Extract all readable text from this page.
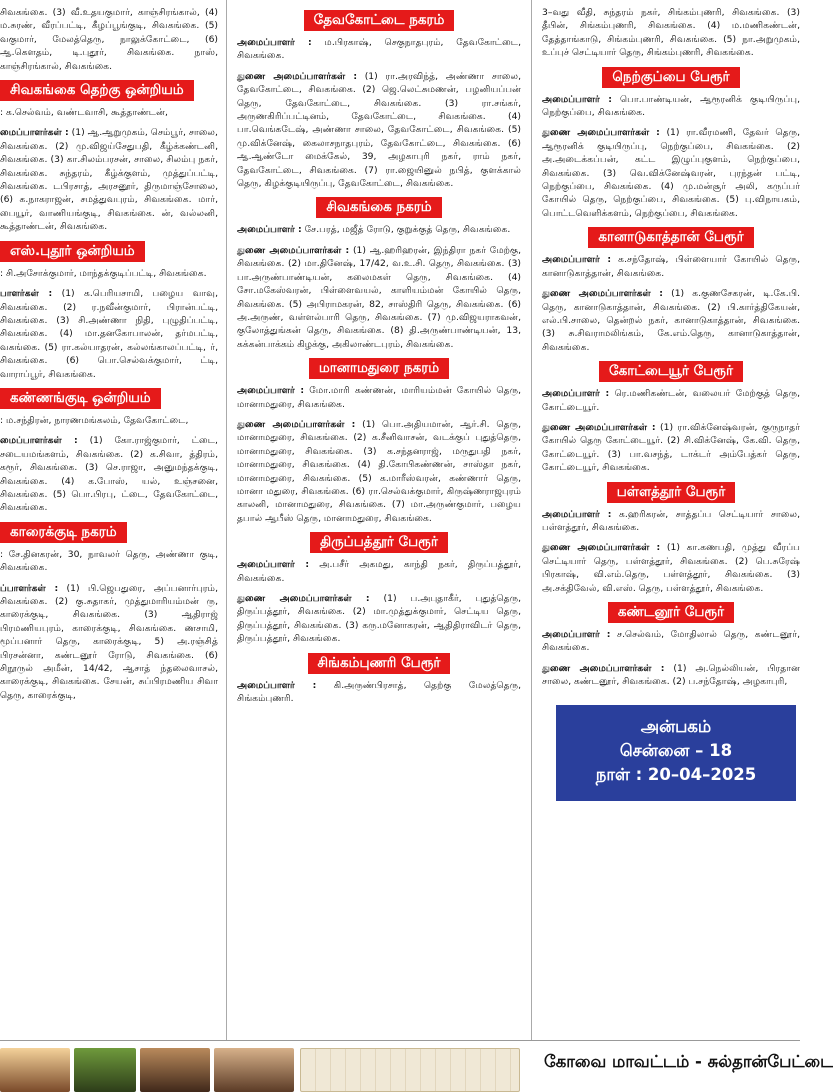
சிவகங்கை. (3) வீ.உதயகுமார், காஞ்சிரங்கால், (4) ம.சுரண், வீரப்பட்டி, கீழப்பூங்குடி, சிவகங்கை. (5) வகுமார், மேலத்தெரு, நாலுக்கோட்டை, (6) ஆ.கௌதம், டி.புதூர், சிவகங்கை. நாஸ், காஞ்சிரங்கால், சிவகங்கை.
சிவகங்கை தெற்கு ஒன்றியம்
: க.செல்வம், வண்டவாசி, கூத்தாண்டன்,
மைப்பாளர்கள் : (1) ஆ.ஆறுமுகம், செம்பூர், சாலை, சிவகங்கை. (2) மு.விஜய்சேதுபதி, கீழ்க்கண்டனி, சிவகங்கை. (3) கா.சிலம்பரசன், சாலை, சிலம்பு நகர், சிவகங்கை. சுந்தரம், கீழ்க்குளம், முத்துப்பட்டி, சிவகங்கை. டபிரசாத், அரசனூர், திருமாஞ்சோலை, (6) க.நாகராஜன், சமத்துவபுரம், சிவகங்கை. மார், பையூர், வாணியங்குடி, சிவகங்கை. ன், வல்லனி, கூத்தாண்டன், சிவகங்கை.
எஸ்.புதூர் ஒன்றியம்
: சி.அசோக்குமார், மாந்தக்குடிப்பட்டி, சிவகங்கை.
பாளர்கள் : (1) க.பெரியசாமி, பழைய வாவு, சிவகங்கை. (2) ர.நவீன்குமார், பிரான்பட்டி, சிவகங்கை. (3) சி.அண்ணா நிதி, புழுதிப்பட்டி, சிவகங்கை. (4) மா.தனகோபாலன், தர்மபட்டி, வகங்கை. (5) ரா.கல்யாதரன், கல்லங்காலப்பட்டி, ர், சிவகங்கை. (6) பொ.செல்வக்குமார், ட்டி, வாராப்பூர், சிவகங்கை.
கண்ணங்குடி ஒன்றியம்
: ம.சந்திரன், நாரணமங்கலம், தேவகோட்டை,
மைப்பாளர்கள் : (1) கோ.ராஜ்குமார், ட்டை, சடையமங்களம், சிவகங்கை. (2) க.சிவா, த்திரம், கரூர், சிவகங்கை. (3) செ.ராஜா, அனுமந்தக்குடி, சிவகங்கை. (4) க.போஸ், யல், உஞ்சனை, சிவகங்கை. (5) பொ.பிரபு, ட்டை, தேவகோட்டை, சிவகங்கை.
காரைக்குடி நகரம்
: சே.தினகரன், 30, நாவலர் தெரு, அண்ணா குடி, சிவகங்கை.
ப்பாளர்கள் : (1) பி.ஜெபதுரை, அப்பனார்புரம், சிவகங்கை. (2) கு.சுதாகர், முத்துமாரியம்மன் ரு, காரைக்குடி, சிவகங்கை. (3) ஆதிராஜ் பிரமணியபுரம், காரைக்குடி, சிவகங்கை. ணசாமி, மூப்பனார் தெரு, காரைக்குடி, 5) அ.ரஞ்சித் பிரசன்னா, கண்டனூர் ரோடு, சிவகங்கை. (6) சிநூருல் அமீன், 14/42, ஆசாத் ந்தலைவாசல், காரைக்குடி, சிவகங்கை. சேயன், சுப்பிரமணிய சிவா தெரு, காரைக்குடி,
தேவகோட்டை நகரம்
அமைப்பாளர் : ம.பிரகாஷ், செகுநாதபுரம், தேவகோட்டை, சிவகங்கை.
துணை அமைப்பாளர்கள் : (1) ரா.அரவிந்த், அண்ணா சாலை, தேவகோட்டை, சிவகங்கை. (2) ஜெ.லெட்சுமணன், பழனியப்பன் தெரு, தேவகோட்டை, சிவகங்கை. (3) ரா.சங்கர், அருணகிரிப்பட்டினம், தேவகோட்டை, சிவகங்கை. (4) பா.வெங்கடேஷ், அண்ணா சாலை, தேவகோட்டை, சிவகங்கை. (5) மு.விக்னேஷ், கைலாசநாதபுரம், தேவகோட்டை, சிவகங்கை. (6) ஆ.ஆண்டோ மைக்கேல், 39, அழகாபுரி நகர், ராம் நகர், தேவகோட்டை, சிவகங்கை. (7) ரா.ஜையினுல் நபித், குளக்கால் தெரு, கிழக்குடியிருப்பு, தேவகோட்டை, சிவகங்கை.
சிவகங்கை நகரம்
அமைப்பாளர் : சே.பரத், மஜீத் ரோடு, குறுக்குத் தெரு, சிவகங்கை.
துணை அமைப்பாளர்கள் : (1) ஆ.ஹரிஹரன், இந்திரா நகர் மேற்கு, சிவகங்கை. (2) மா.தினேஷ், 17/42, வ.உ.சி. தெரு, சிவகங்கை. (3) பா.அருண்பாண்டியன், கலைமகள் தெரு, சிவகங்கை. (4) சோ.மகேஸ்வரன், பிள்ளைவயல், காளியம்மன் கோயில் தெரு, சிவகங்கை. (5) அபிராமகரன், 82, சாஸ்திரி தெரு, சிவகங்கை. (6) அ.அருண், வள்ளல்பாரி தெரு, சிவகங்கை. (7) மு.விஜயராகவன், குலோத்துங்கன் தெரு, சிவகங்கை. (8) தி.அருண்பாண்டியன், 13, கக்கன்பாக்கம் கிழக்கு, அகிலாண்டபுரம், சிவகங்கை.
மானாமதுரை நகரம்
அமைப்பாளர் : மோ.மாரி கண்ணன், மாரியம்மன் கோயில் தெரு, மானாமதுரை, சிவகங்கை.
துணை அமைப்பாளர்கள் : (1) பொ.அதியமான், ஆர்.சி. தெரு, மானாமதுரை, சிவகங்கை. (2) க.சீனிவாசன், வடக்குப் புதுத்தெரு, மானாமதுரை, சிவகங்கை. (3) க.சந்தனராஜ், மருதுபதி நகர், மானாமதுரை, சிவகங்கை. (4) தி.கோபிகண்ணன், சாஸ்தா நகர், மானாமதுரை, சிவகங்கை. (5) க.மாரீஸ்வரன், கண்ணார் தெரு, மானா மதுரை, சிவகங்கை. (6) ரா.செல்வக்குமார், கிருஷ்ணராஜபுரம் காலனி, மானாமதுரை, சிவகங்கை. (7) மா.அருண்குமார், பழைய தபால் ஆபீஸ் தெரு, மானாமதுரை, சிவகங்கை.
திருப்பத்தூர் பேரூர்
அமைப்பாளர் : அ.பசீர் அகமது, காந்தி நகர், திருப்பத்தூர், சிவகங்கை.
துணை அமைப்பாளர்கள் : (1) ப.அபுதாகீர், புதுத்தெரு, திருப்பத்தூர், சிவகங்கை. (2) மா.முத்துக்குமார், செட்டிய தெரு, திருப்பத்தூர், சிவகங்கை. (3) கரு.மனோகரன், ஆதிதிராவிடர் தெரு, திருப்பத்தூர், சிவகங்கை.
சிங்கம்புணரி பேரூர்
அமைப்பாளர் : கி.அருண்பிரசாத், தெற்கு மேலத்தெரு, சிங்கம்புணரி.
3–வது வீதி, சுந்தரம் நகர், சிங்கம்புணரி, சிவகங்கை. (3) தீபின், சிங்கம்புணரி, சிவகங்கை. (4) ம.மணிகண்டன், தேத்தாங்காடு, சிங்கம்புணரி, சிவகங்கை. (5) நா.அறுமுகம், உப்புச் செட்டியார் தெரு, சிங்கம்புணரி, சிவகங்கை.
நெற்குப்பை பேரூர்
அமைப்பாளர் : பொ.பாண்டியன், ஆரூரனிக் குடியிருப்பு, நெற்குப்பை, சிவகங்கை.
துணை அமைப்பாளர்கள் : (1) ரா.வீரமணி, தேவர் தெரு, ஆரூரனிக் குடியிருப்பு, நெற்குப்பை, சிவகங்கை. (2) அ.அடைக்கப்பன், கட்ட இழுப்புகுளம், நெற்குப்பை, சிவகங்கை. (3) வெ.விக்னேஷ்வரன், புரந்தன் பட்டி, நெற்குப்பை, சிவகங்கை. (4) மு.மன்சூர் அலி, கருப்பர் கோயில் தெரு, நெற்குப்பை, சிவகங்கை. (5) பு.விநாயகம், பொட்டவெளிக்களம், நெற்குப்பை, சிவகங்கை.
கானாடுகாத்தான் பேரூர்
அமைப்பாளர் : க.சந்தோஷ், பிள்ளையார் கோயில் தெரு, கானாடுகாத்தான், சிவகங்கை.
துணை அமைப்பாளர்கள் : (1) க.குணசேகரன், டி.கே.பி. தெரு, கானாடுகாத்தான், சிவகங்கை. (2) பி.கார்த்திகேயன், எல்.பி.சாலை, தென்றல் நகர், கானாடுகாத்தான், சிவகங்கை. (3) சு.சிவராமலிங்கம், கே.எம்.தெரு, கானாடுகாத்தான், சிவகங்கை.
கோட்டையூர் பேரூர்
அமைப்பாளர் : ரெ.மணிகண்டன், வலையர் மேற்குத் தெரு, கோட்டையூர்.
துணை அமைப்பாளர்கள் : (1) ரா.விக்னேஷ்வரன், குருநாதர் கோயில் தெரு கோட்டையூர். (2) சி.விக்னேஷ், கே.வி. தெரு, கோட்டையூர். (3) பா.வசந்த், டாக்டர் அம்பேத்கர் தெரு, கோட்டையூர், சிவகங்கை.
பள்ளத்தூர் பேரூர்
அமைப்பாளர் : க.ஹரிகரன், சாத்தப்ப செட்டியார் சாலை, பள்ளத்தூர், சிவகங்கை.
துணை அமைப்பாளர்கள் : (1) கா.கணபதி, முத்து வீரப்ப செட்டியார் தெரு, பள்ளத்தூர், சிவகங்கை. (2) பெ.சுரேஷ் பிரகாஷ், வி.எம்.தெரு, பள்ளத்தூர், சிவகங்கை. (3) அ.சக்திவேல், வி.எஸ். தெரு, பள்ளத்தூர், சிவகங்கை.
கண்டனூர் பேரூர்
அமைப்பாளர் : ச.செல்வம், மோதிலால் தெரு, கண்டனூர், சிவகங்கை.
துணை அமைப்பாளர்கள் : (1) அ.நெல்லியன், பிரதான சாலை, கண்டனூர், சிவகங்கை. (2) ப.சந்தோஷ், அழகாபுரி,
அன்பகம்
சென்னை – 18
நாள் : 20–04–2025
கோவை மாவட்டம் - சுல்தான்பேட்டை
